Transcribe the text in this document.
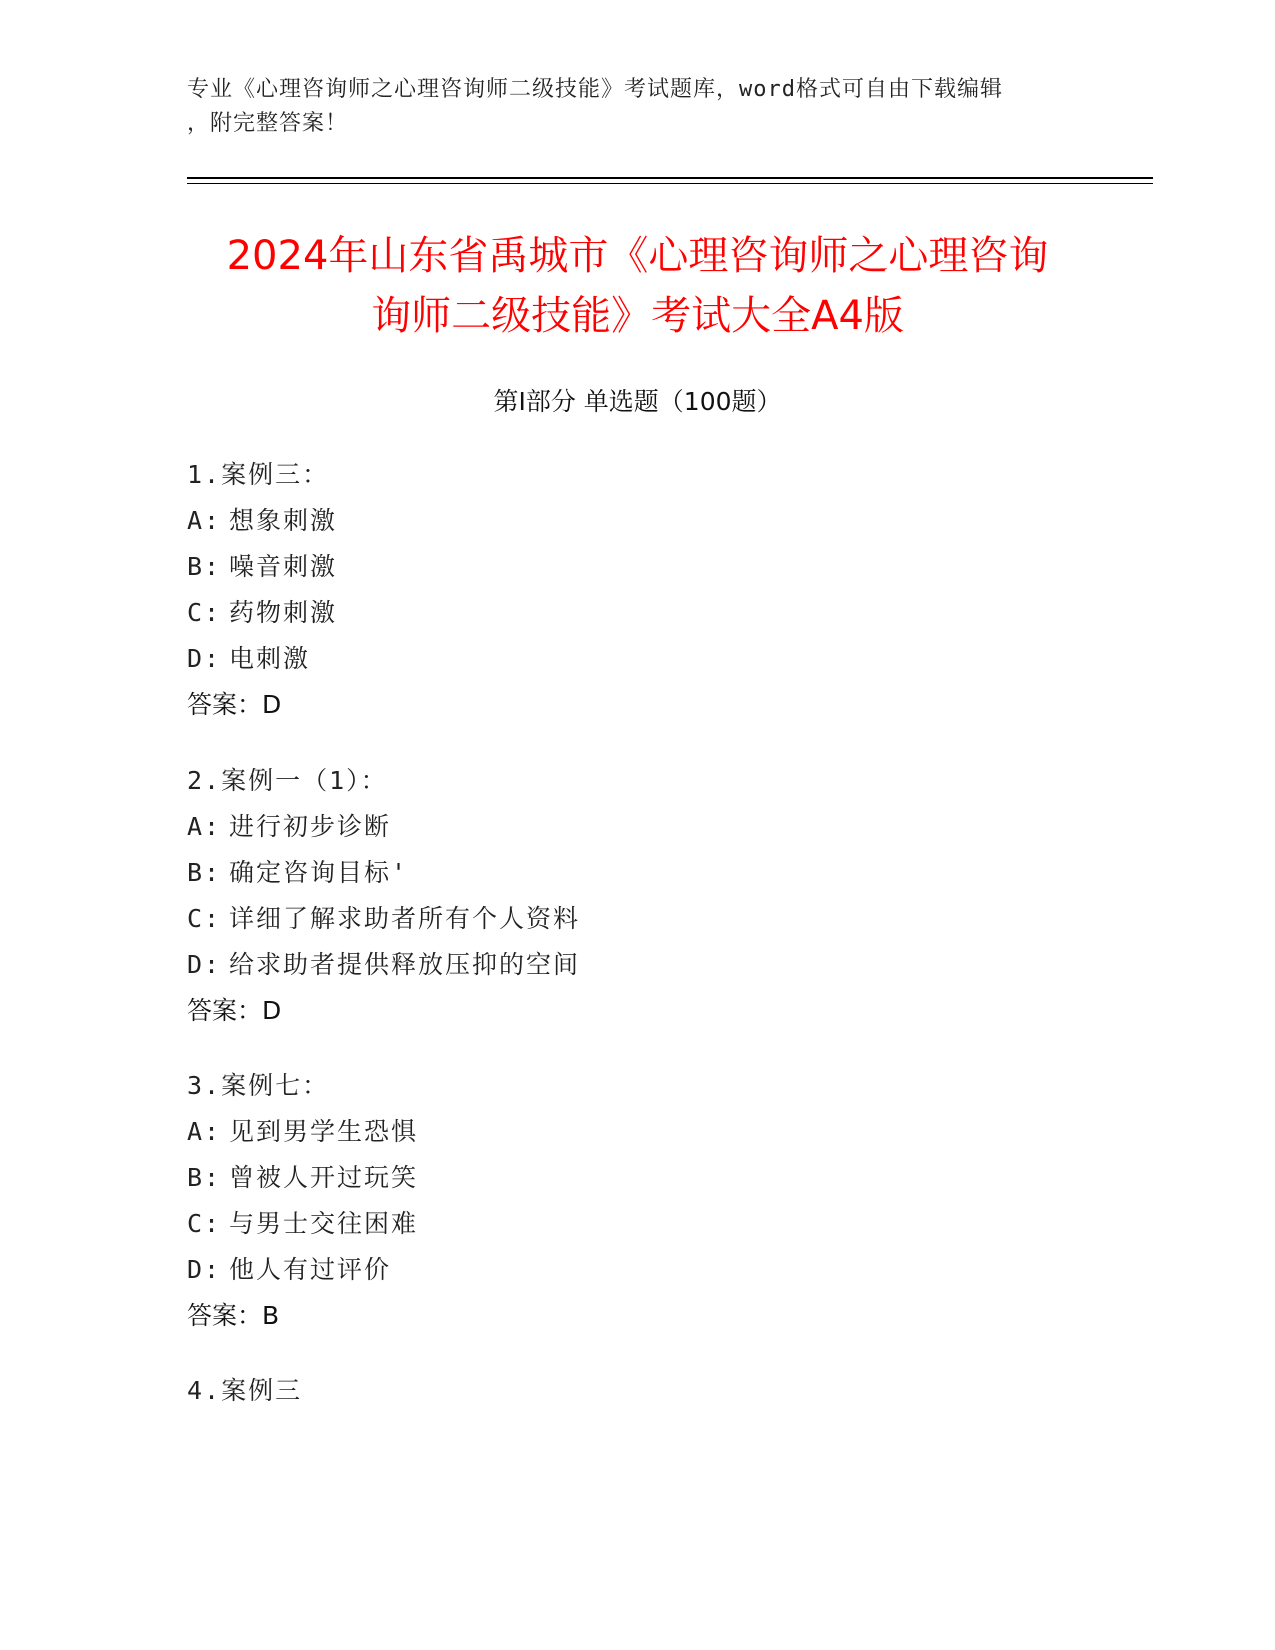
专业《心理咨询师之心理咨询师二级技能》考试题库，word格式可自由下载编辑
，附完整答案！
2024年山东省禹城市《心理咨询师之心理咨询
询师二级技能》考试大全A4版
第Ⅰ部分 单选题（100题）
1.案例三：
A: 想象刺激
B: 噪音刺激
C: 药物刺激
D: 电刺激
答案：D
2.案例一（1）：
A: 进行初步诊断
B: 确定咨询目标'
C: 详细了解求助者所有个人资料
D: 给求助者提供释放压抑的空间
答案：D
3.案例七：
A: 见到男学生恐惧
B: 曾被人开过玩笑
C: 与男士交往困难
D: 他人有过评价
答案：B
4.案例三
